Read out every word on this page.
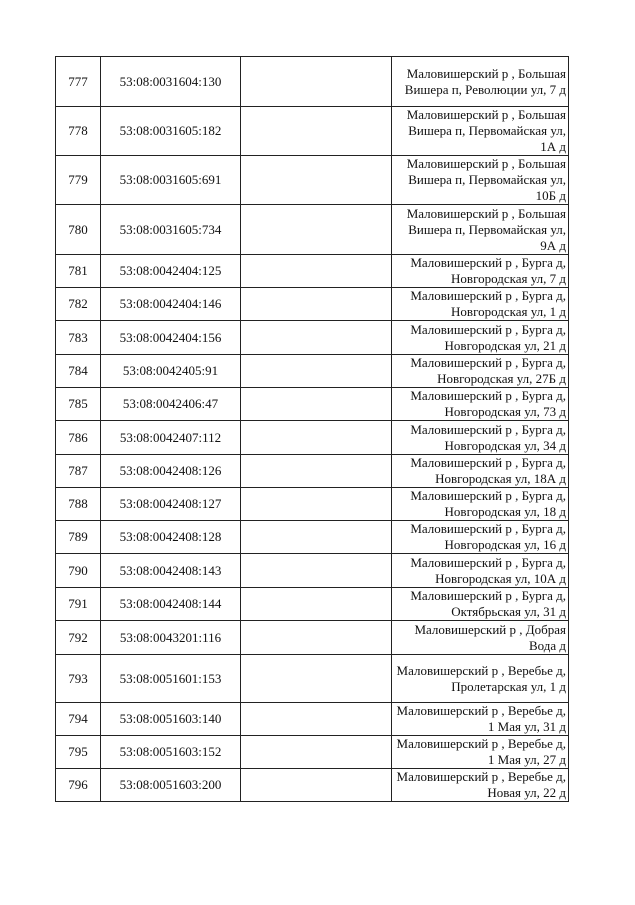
777	53:08:0031604:130		Маловишерский р , Большая Вишера п, Революции ул, 7 д
778	53:08:0031605:182		Маловишерский р , Большая Вишера п, Первомайская ул, 1А д
779	53:08:0031605:691		Маловишерский р , Большая Вишера п, Первомайская ул, 10Б д
780	53:08:0031605:734		Маловишерский р , Большая Вишера п, Первомайская ул, 9А д
781	53:08:0042404:125		Маловишерский р , Бурга д, Новгородская ул, 7 д
782	53:08:0042404:146		Маловишерский р , Бурга д, Новгородская ул, 1 д
783	53:08:0042404:156		Маловишерский р , Бурга д, Новгородская ул, 21 д
784	53:08:0042405:91		Маловишерский р , Бурга д, Новгородская ул, 27Б д
785	53:08:0042406:47		Маловишерский р , Бурга д, Новгородская ул, 73 д
786	53:08:0042407:112		Маловишерский р , Бурга д, Новгородская ул, 34 д
787	53:08:0042408:126		Маловишерский р , Бурга д, Новгородская ул, 18А д
788	53:08:0042408:127		Маловишерский р , Бурга д, Новгородская ул, 18 д
789	53:08:0042408:128		Маловишерский р , Бурга д, Новгородская ул, 16 д
790	53:08:0042408:143		Маловишерский р , Бурга д, Новгородская ул, 10А д
791	53:08:0042408:144		Маловишерский р , Бурга д, Октябрьская ул, 31 д
792	53:08:0043201:116		Маловишерский р , Добрая Вода д
793	53:08:0051601:153		Маловишерский р , Веребье д, Пролетарская ул, 1 д
794	53:08:0051603:140		Маловишерский р , Веребье д, 1 Мая ул, 31 д
795	53:08:0051603:152		Маловишерский р , Веребье д, 1 Мая ул, 27 д
796	53:08:0051603:200		Маловишерский р , Веребье д, Новая ул, 22 д
